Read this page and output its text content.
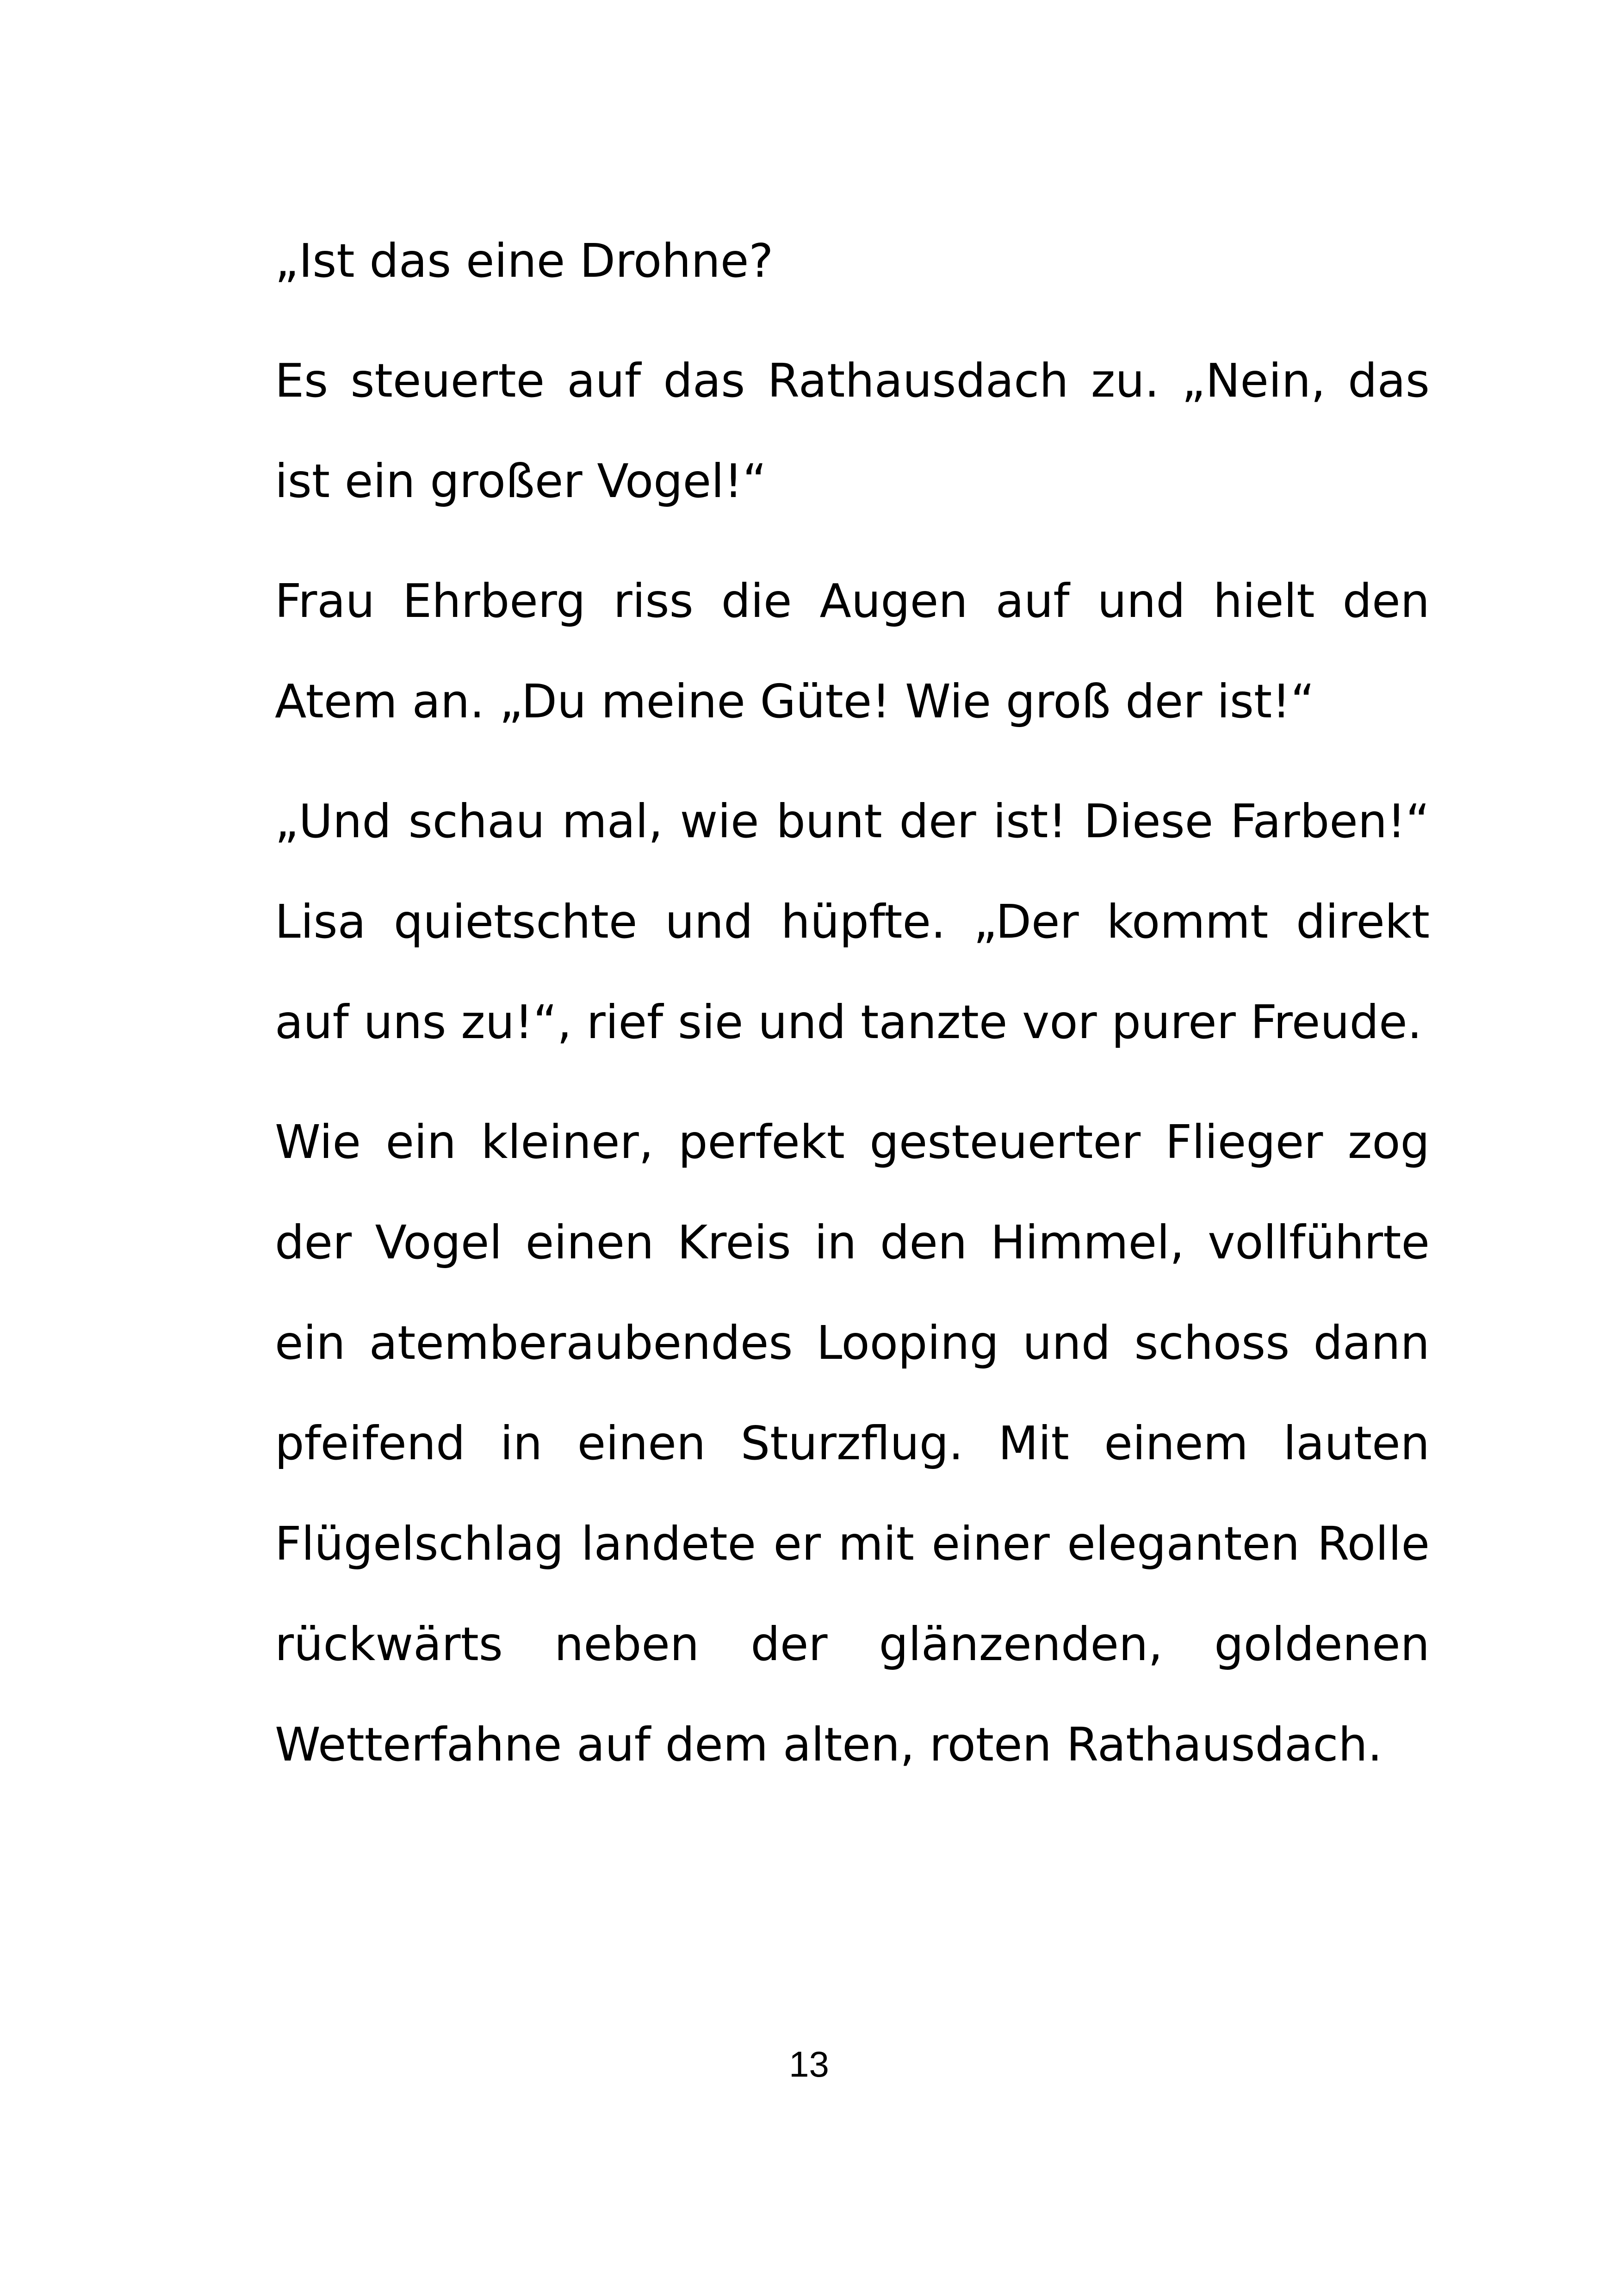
„Ist das eine Drohne?

Es steuerte auf das Rathausdach zu. „Nein, das ist ein großer Vogel!“

Frau Ehrberg riss die Augen auf und hielt den Atem an. „Du meine Güte! Wie groß der ist!“

„Und schau mal, wie bunt der ist! Diese Farben!“ Lisa quietschte und hüpfte. „Der kommt direkt auf uns zu!“, rief sie und tanzte vor purer Freude.

Wie ein kleiner, perfekt gesteuerter Flieger zog der Vogel einen Kreis in den Himmel, vollführte ein atemberaubendes Looping und schoss dann pfeifend in einen Sturzflug. Mit einem lauten Flügelschlag landete er mit einer eleganten Rolle rückwärts neben der glänzenden, goldenen Wetterfahne auf dem alten, roten Rathausdach.

13
